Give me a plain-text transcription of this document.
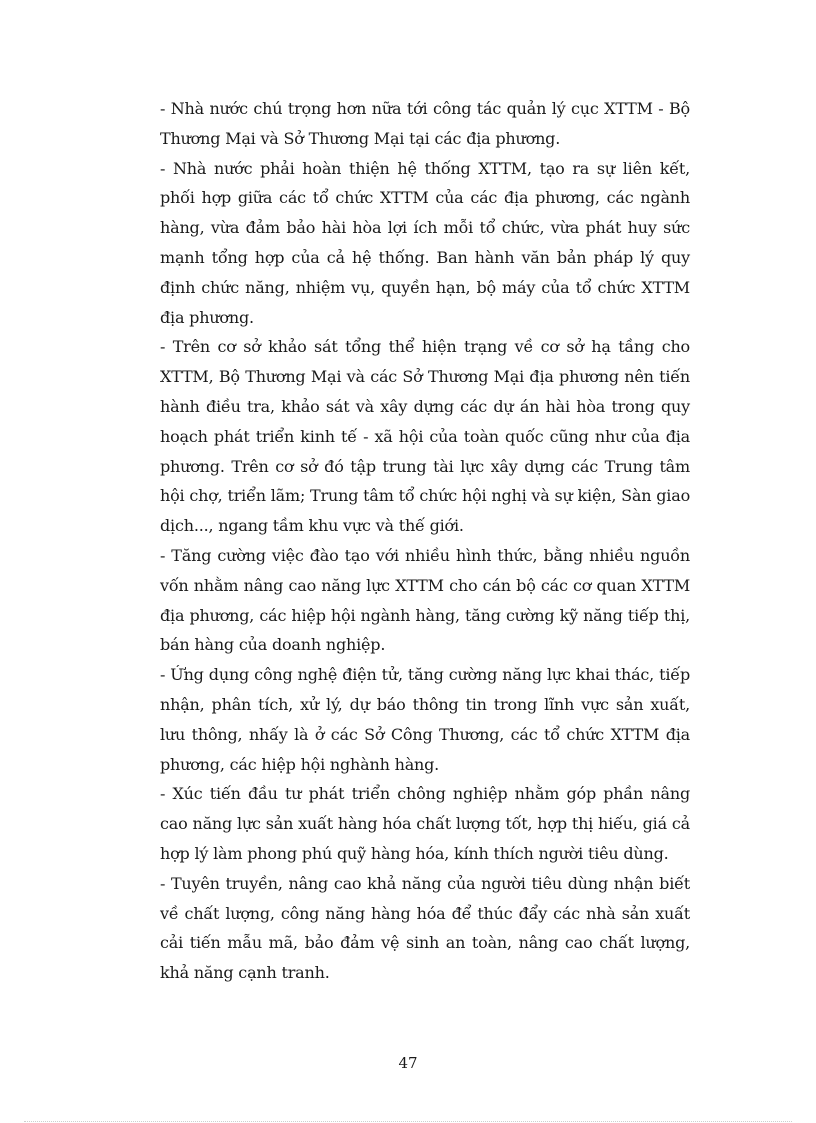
- Nhà nước chú trọng hơn nữa tới công tác quản lý cục XTTM - Bộ Thương Mại và Sở Thương Mại tại các địa phương.

- Nhà nước phải hoàn thiện hệ thống XTTM, tạo ra sự liên kết, phối hợp giữa các tổ chức XTTM của các địa phương, các ngành hàng, vừa đảm bảo hài hòa lợi ích mỗi tổ chức, vừa phát huy sức mạnh tổng hợp của cả hệ thống. Ban hành văn bản pháp lý quy định chức năng, nhiệm vụ, quyền hạn, bộ máy của tổ chức XTTM địa phương.

- Trên cơ sở khảo sát tổng thể hiện trạng về cơ sở hạ tầng cho XTTM, Bộ Thương Mại và các Sở Thương Mại địa phương nên tiến hành điều tra, khảo sát và xây dựng các dự án hài hòa trong quy hoạch phát triển kinh tế - xã hội của toàn quốc cũng như của địa phương. Trên cơ sở đó tập trung tài lực xây dựng các Trung tâm hội chợ, triển lãm; Trung tâm tổ chức hội nghị và sự kiện, Sàn giao dịch..., ngang tầm khu vực và thế giới.

- Tăng cường việc đào tạo với nhiều hình thức, bằng nhiều nguồn vốn nhằm nâng cao năng lực XTTM cho cán bộ các cơ quan XTTM địa phương, các hiệp hội ngành hàng, tăng cường kỹ năng tiếp thị, bán hàng của doanh nghiệp.

- Ứng dụng công nghệ điện tử, tăng cường năng lực khai thác, tiếp nhận, phân tích, xử lý, dự báo thông tin trong lĩnh vực sản xuất, lưu thông, nhấy là ở các Sở Công Thương, các tổ chức XTTM địa phương, các hiệp hội nghành hàng.

- Xúc tiến đầu tư phát triển chông nghiệp nhằm góp phần nâng cao năng lực sản xuất hàng hóa chất lượng tốt, hợp thị hiếu, giá cả hợp lý làm phong phú quỹ hàng hóa, kính thích người tiêu dùng.

- Tuyên truyền, nâng cao khả năng của người tiêu dùng nhận biết về chất lượng, công năng hàng hóa để thúc đẩy các nhà sản xuất cải tiến mẫu mã, bảo đảm vệ sinh an toàn, nâng cao chất lượng, khả năng cạnh tranh.

47
